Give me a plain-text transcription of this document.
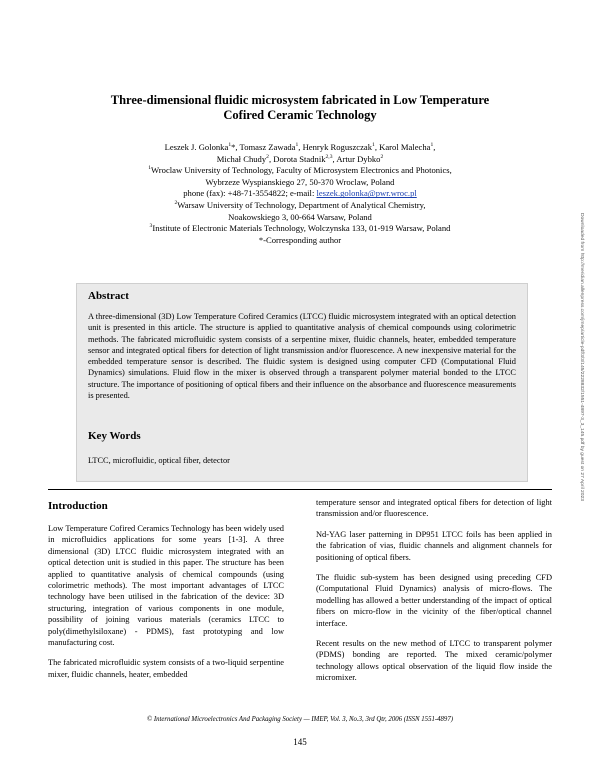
Three-dimensional fluidic microsystem fabricated in Low Temperature
Cofired Ceramic Technology
Leszek J. Golonka$^1$*, Tomasz Zawada$^1$, Henryk Roguszczak$^1$, Karol Malecha$^1$,
Michał Chudy$^2$, Dorota Stadnik$^{2,3}$, Artur Dybko$^2$
$^1$Wroclaw University of Technology, Faculty of Microsystem Electronics and Photonics,
Wybrzeze Wyspianskiego 27, 50-370 Wroclaw, Poland
phone (fax): +48-71-3554822; e-mail: leszek.golonka@pwr.wroc.pl
$^2$Warsaw University of Technology, Department of Analytical Chemistry,
Noakowskiego 3, 00-664 Warsaw, Poland
$^3$Institute of Electronic Materials Technology, Wolczynska 133, 01-919 Warsaw, Poland
*-Corresponding author
Abstract
A three-dimensional (3D) Low Temperature Cofired Ceramics (LTCC) fluidic microsystem integrated with an optical detection unit is presented in this article. The structure is applied to quantitative analysis of chemical compounds using colorimetric methods. The fabricated microfluidic system consists of a serpentine mixer, fluidic channels, heater, embedded temperature sensor and integrated optical fibers for detection of light transmission and/or fluorescence. A new inexpensive material for the embedded temperature sensor is described. The fluidic system is designed using computer CFD (Computational Fluid Dynamics) simulations. Fluid flow in the mixer is observed through a transparent polymer material bonded to the LTCC structure. The importance of positioning of optical fibers and their influence on the absorbance and fluorescence measurements is presented.
Key Words
LTCC, microfluidic, optical fiber, detector
Introduction

Low Temperature Cofired Ceramics Technology has been widely used in microfluidics applications for some years [1-3]. A three dimensional (3D) LTCC fluidic microsystem integrated with an optical detection unit is studied in this paper. The structure has been applied to quantitative analysis of chemical compounds (using colorimetric methods). The most important advantages of LTCC technology have been utilised in the fabrication of the device: 3D structuring, integration of various components in one module, possibility of joining various materials (ceramics LTCC to poly(dimethylsiloxane) - PDMS), fast prototyping and low manufacturing cost.

The fabricated microfluidic system consists of a two-liquid serpentine mixer, fluidic channels, heater, embedded

temperature sensor and integrated optical fibers for detection of light transmission and/or fluorescence.

Nd-YAG laser patterning in DP951 LTCC foils has been applied in the fabrication of vias, fluidic channels and alignment channels for positioning of optical fibers.

The fluidic sub-system has been designed using preceding CFD (Computational Fluid Dynamics) analysis of micro-flows. The modelling has allowed a better understanding of the impact of optical fibers on micro-flow in the vicinity of the fiber/optical channel interface.

Recent results on the new method of LTCC to transparent polymer (PDMS) bonding are reported. The mixed ceramic/polymer technology allows optical observation of the liquid flow inside the micromixer.

© International Microelectronics And Packaging Society — IMEP, Vol. 3, No.3, 3rd Qtr, 2006 (ISSN 1551-4897)
145
Downloaded from http://meridian.allenpress.com/jmep/article-pdf/3/3/145/2228832/1551-4897-3_3_145.pdf by guest on 27 April 2023
